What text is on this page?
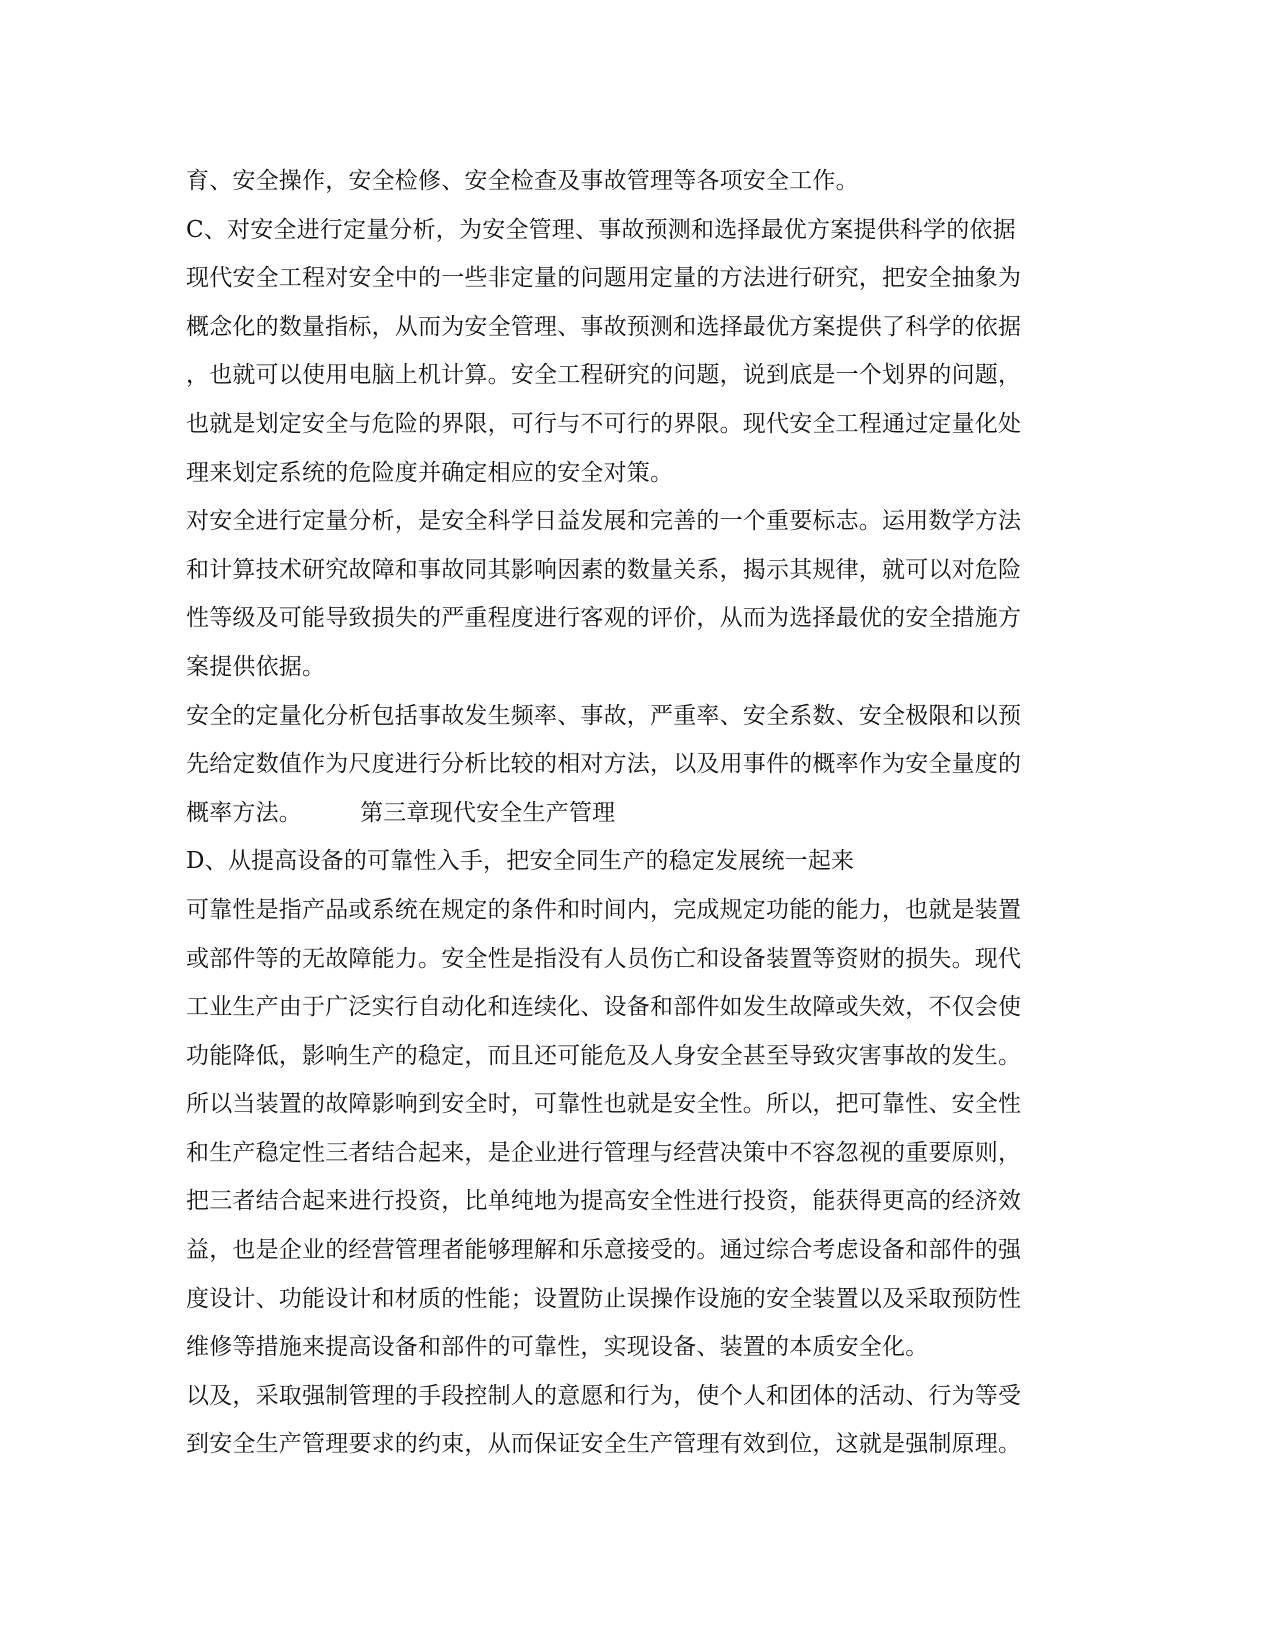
育、安全操作，安全检修、安全检查及事故管理等各项安全工作。
C、对安全进行定量分析，为安全管理、事故预测和选择最优方案提供科学的依据
现代安全工程对安全中的一些非定量的问题用定量的方法进行研究，把安全抽象为
概念化的数量指标，从而为安全管理、事故预测和选择最优方案提供了科学的依据
，也就可以使用电脑上机计算。安全工程研究的问题，说到底是一个划界的问题，
也就是划定安全与危险的界限，可行与不可行的界限。现代安全工程通过定量化处
理来划定系统的危险度并确定相应的安全对策。
对安全进行定量分析，是安全科学日益发展和完善的一个重要标志。运用数学方法
和计算技术研究故障和事故同其影响因素的数量关系，揭示其规律，就可以对危险
性等级及可能导致损失的严重程度进行客观的评价，从而为选择最优的安全措施方
案提供依据。
安全的定量化分析包括事故发生频率、事故，严重率、安全系数、安全极限和以预
先给定数值作为尺度进行分析比较的相对方法，以及用事件的概率作为安全量度的
概率方法。　　　第三章现代安全生产管理
D、从提高设备的可靠性入手，把安全同生产的稳定发展统一起来
可靠性是指产品或系统在规定的条件和时间内，完成规定功能的能力，也就是装置
或部件等的无故障能力。安全性是指没有人员伤亡和设备装置等资财的损失。现代
工业生产由于广泛实行自动化和连续化、设备和部件如发生故障或失效，不仅会使
功能降低，影响生产的稳定，而且还可能危及人身安全甚至导致灾害事故的发生。
所以当装置的故障影响到安全时，可靠性也就是安全性。所以，把可靠性、安全性
和生产稳定性三者结合起来，是企业进行管理与经营决策中不容忽视的重要原则，
把三者结合起来进行投资，比单纯地为提高安全性进行投资，能获得更高的经济效
益，也是企业的经营管理者能够理解和乐意接受的。通过综合考虑设备和部件的强
度设计、功能设计和材质的性能；设置防止误操作设施的安全装置以及采取预防性
维修等措施来提高设备和部件的可靠性，实现设备、装置的本质安全化。
以及，采取强制管理的手段控制人的意愿和行为，使个人和团体的活动、行为等受
到安全生产管理要求的约束，从而保证安全生产管理有效到位，这就是强制原理。
